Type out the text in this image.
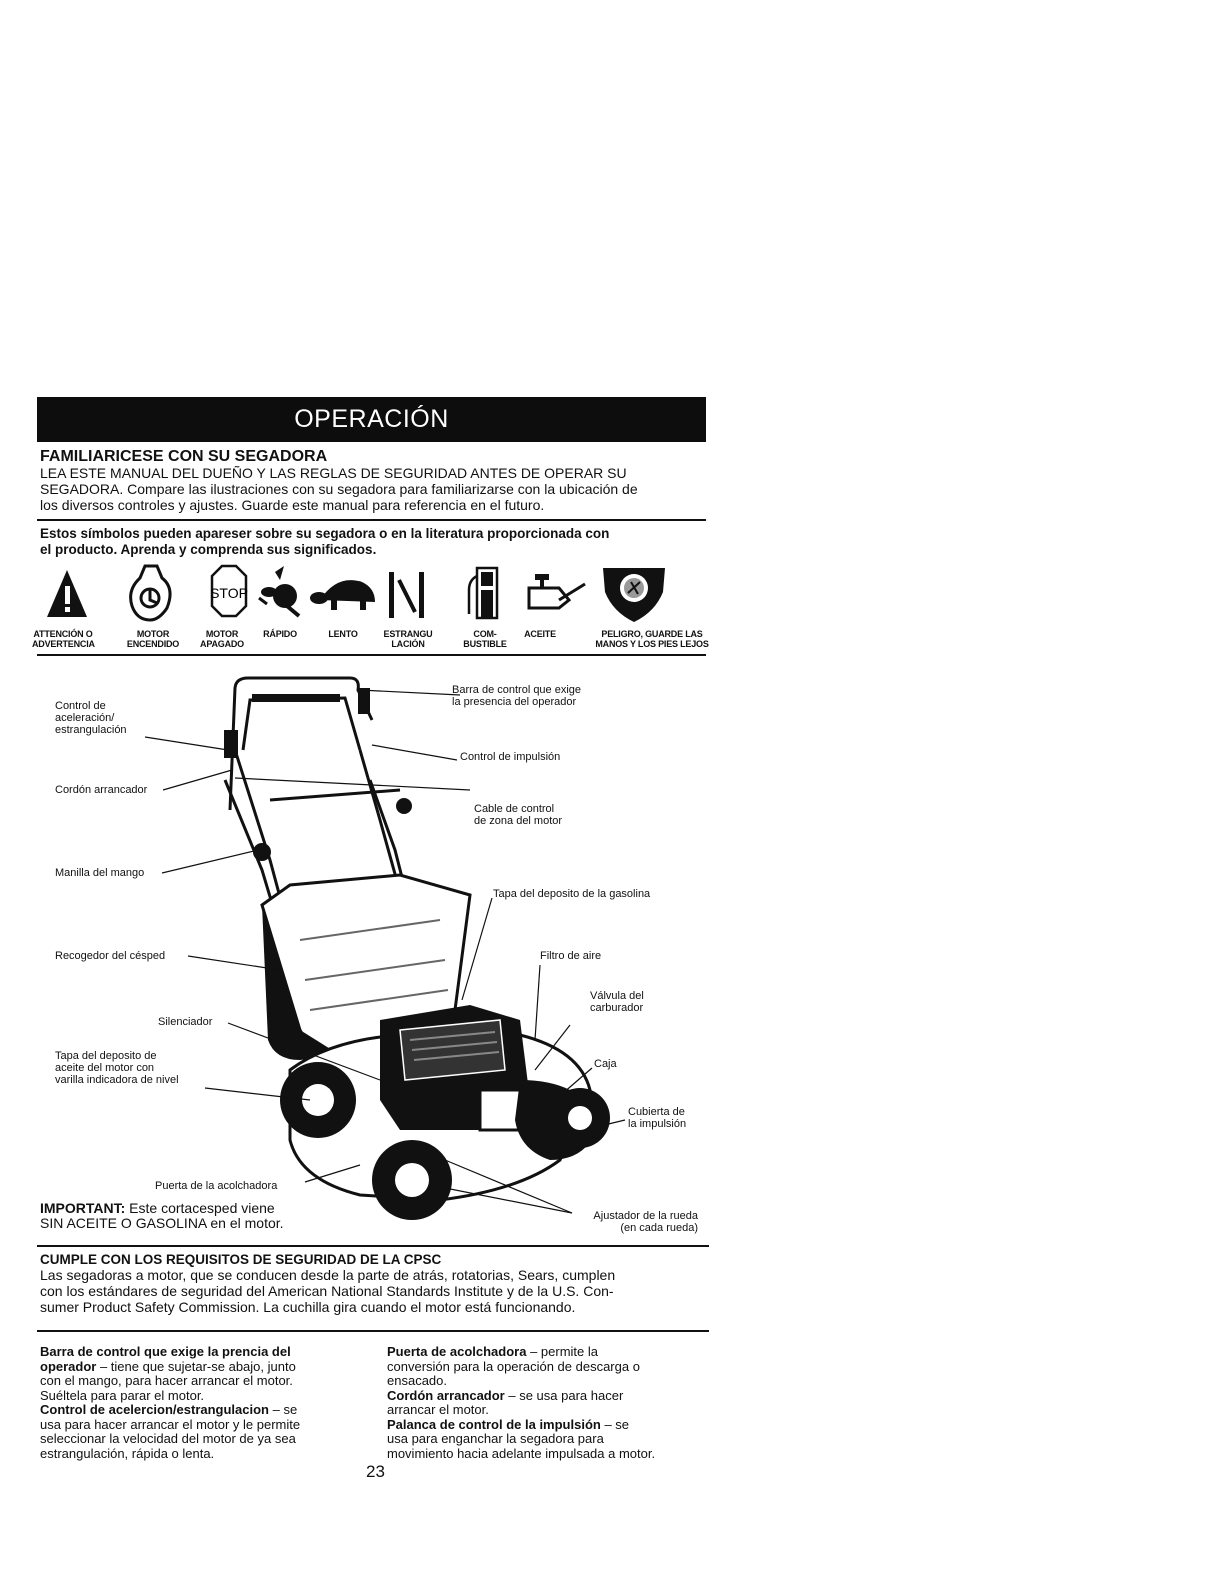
OPERACIÓN
FAMILIARICESE CON SU SEGADORA
LEA ESTE MANUAL DEL DUEÑO Y LAS REGLAS DE SEGURIDAD ANTES DE OPERAR SU
SEGADORA. Compare las ilustraciones con su segadora para familiarizarse con la ubicación de
los diversos controles y ajustes. Guarde este manual para referencia en el futuro.
Estos símbolos pueden apareser sobre su segadora o en la literatura proporcionada con
el producto. Aprenda y comprenda sus significados.
STOP
ATTENCIÓN O
ADVERTENCIA
MOTOR
ENCENDIDO
MOTOR
APAGADO
RÁPIDO	LENTO	ESTRANGU
LACIÓN
COM-
BUSTIBLE
ACEITE	PELIGRO, GUARDE LAS
MANOS Y LOS PIES LEJOS
Control de
aceleración/
estrangulación
Cordón arrancador
Manilla del mango
Recogedor del césped
Silenciador
Tapa del deposito de
aceite del motor con
varilla indicadora de nivel
Puerta de la acolchadora
Barra de control que exige
la presencia del operador
Control de impulsión
Cable de control
de zona del motor
Tapa del deposito de la gasolina
Filtro de aire
Válvula del
carburador
Caja
Cubierta de
la impulsión
Ajustador de la rueda
(en cada rueda)
IMPORTANT: Este cortacesped viene
SIN ACEITE O GASOLINA en el motor.
CUMPLE CON LOS REQUISITOS DE SEGURIDAD DE LA CPSC
Las segadoras a motor, que se conducen desde la parte de atrás, rotatorias, Sears, cumplen
con los estándares de seguridad del American National Standards Institute y de la U.S. Con-
sumer Product Safety Commission. La cuchilla gira cuando el motor está funcionando.
Barra de control que exige la prencia del
operador – tiene que sujetar-se abajo, junto
con el mango, para hacer arrancar el motor.
Suéltela para parar el motor.
Control de acelercion/estrangulacion – se
usa para hacer arrancar el motor y le permite
seleccionar la velocidad del motor de ya sea
estrangulación, rápida o lenta.
Puerta de acolchadora – permite la
conversión para la operación de descarga o
ensacado.
Cordón arrancador – se usa para hacer
arrancar el motor.
Palanca de control de la impulsión – se
usa para enganchar la segadora para
movimiento hacia adelante impulsada a motor.
23
